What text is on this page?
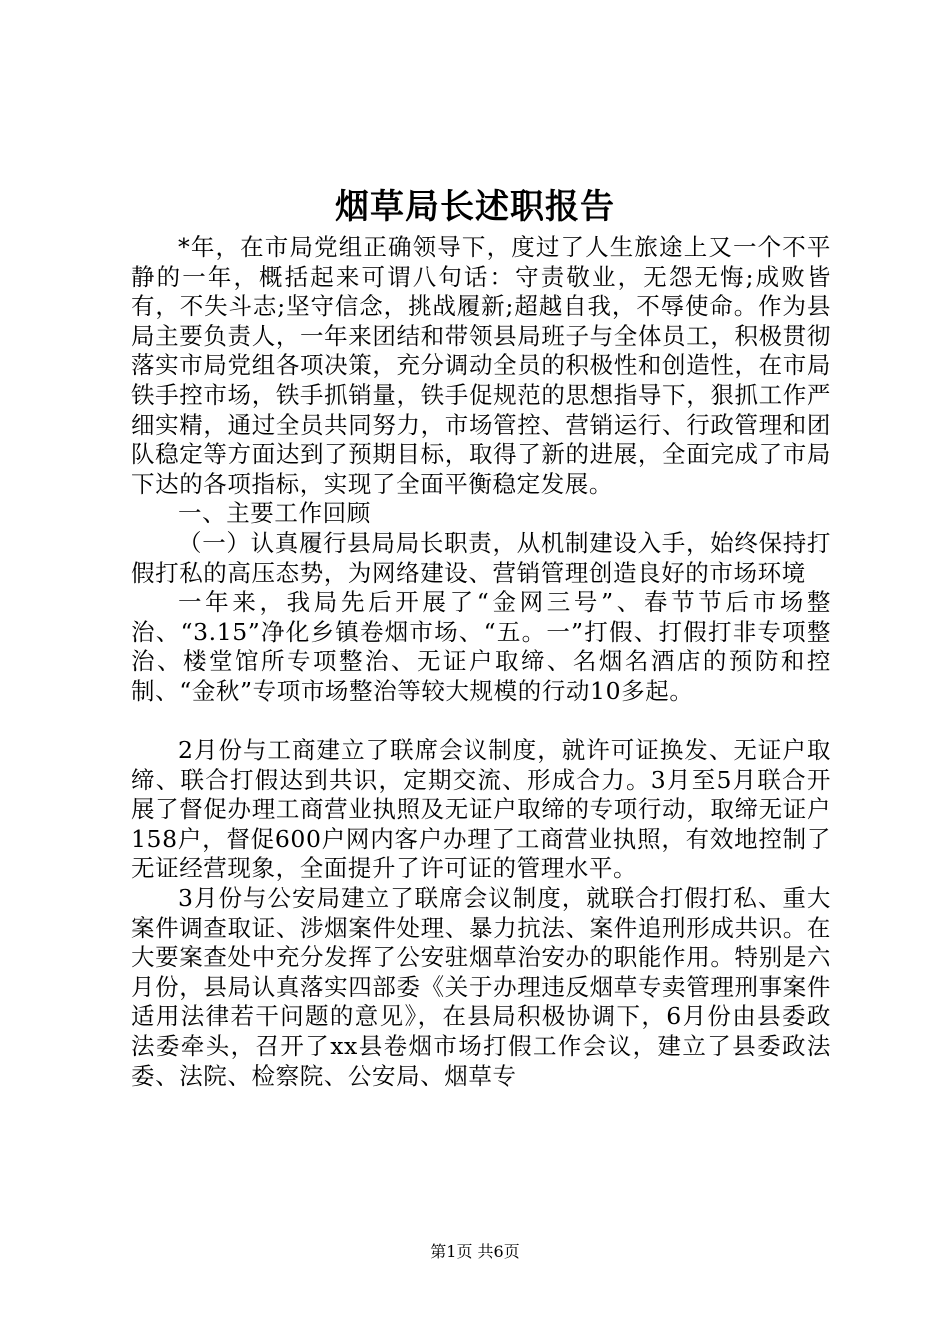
烟草局长述职报告

*年，在市局党组正确领导下，度过了人生旅途上又一个不平静的一年，概括起来可谓八句话：守责敬业，无怨无悔;成败皆有，不失斗志;坚守信念，挑战履新;超越自我，不辱使命。作为县局主要负责人，一年来团结和带领县局班子与全体员工，积极贯彻落实市局党组各项决策，充分调动全员的积极性和创造性，在市局铁手控市场，铁手抓销量，铁手促规范的思想指导下，狠抓工作严细实精，通过全员共同努力，市场管控、营销运行、行政管理和团队稳定等方面达到了预期目标，取得了新的进展，全面完成了市局下达的各项指标，实现了全面平衡稳定发展。

一、主要工作回顾

（一）认真履行县局局长职责，从机制建设入手，始终保持打假打私的高压态势，为网络建设、营销管理创造良好的市场环境

一年来，我局先后开展了“金网三号”、春节节后市场整治、“3.15”净化乡镇卷烟市场、“五。一”打假、打假打非专项整治、楼堂馆所专项整治、无证户取缔、名烟名酒店的预防和控制、“金秋”专项市场整治等较大规模的行动10多起。

2月份与工商建立了联席会议制度，就许可证换发、无证户取缔、联合打假达到共识，定期交流、形成合力。3月至5月联合开展了督促办理工商营业执照及无证户取缔的专项行动，取缔无证户158户，督促600户网内客户办理了工商营业执照，有效地控制了无证经营现象，全面提升了许可证的管理水平。

3月份与公安局建立了联席会议制度，就联合打假打私、重大案件调查取证、涉烟案件处理、暴力抗法、案件追刑形成共识。在大要案查处中充分发挥了公安驻烟草治安办的职能作用。特别是六月份，县局认真落实四部委《关于办理违反烟草专卖管理刑事案件适用法律若干问题的意见》，在县局积极协调下，6月份由县委政法委牵头，召开了xx县卷烟市场打假工作会议，建立了县委政法委、法院、检察院、公安局、烟草专

第1页 共6页
